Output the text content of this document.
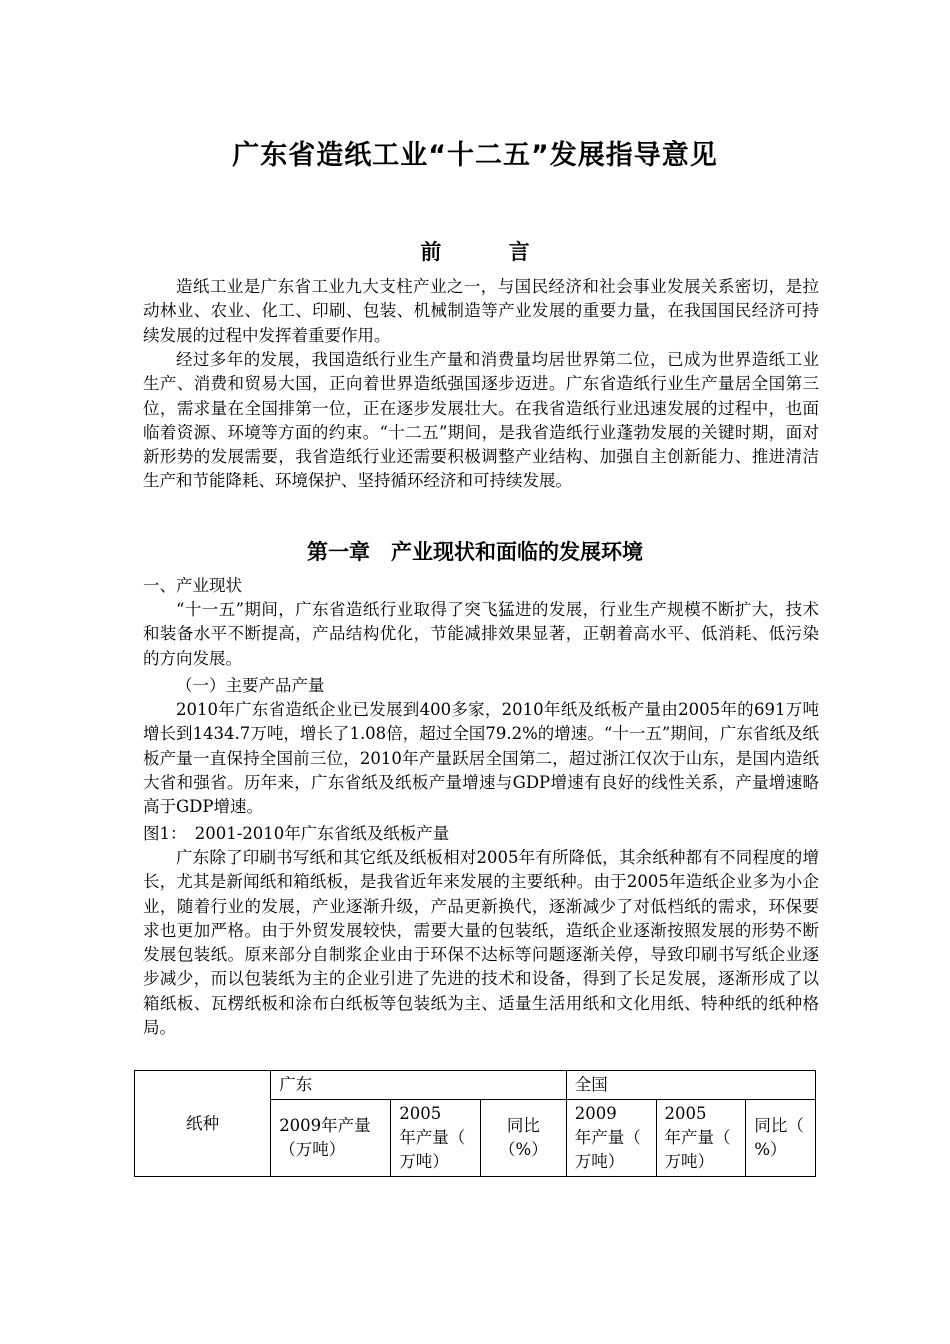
广东省造纸工业“十二五”发展指导意见
前 言
造纸工业是广东省工业九大支柱产业之一，与国民经济和社会事业发展关系密切，是拉动林业、农业、化工、印刷、包装、机械制造等产业发展的重要力量，在我国国民经济可持续发展的过程中发挥着重要作用。
经过多年的发展，我国造纸行业生产量和消费量均居世界第二位，已成为世界造纸工业生产、消费和贸易大国，正向着世界造纸强国逐步迈进。广东省造纸行业生产量居全国第三位，需求量在全国排第一位，正在逐步发展壮大。在我省造纸行业迅速发展的过程中，也面临着资源、环境等方面的约束。“十二五”期间，是我省造纸行业蓬勃发展的关键时期，面对新形势的发展需要，我省造纸行业还需要积极调整产业结构、加强自主创新能力、推进清洁生产和节能降耗、环境保护、坚持循环经济和可持续发展。
第一章　产业现状和面临的发展环境
一、产业现状
“十一五”期间，广东省造纸行业取得了突飞猛进的发展，行业生产规模不断扩大，技术和装备水平不断提高，产品结构优化，节能减排效果显著，正朝着高水平、低消耗、低污染的方向发展。
（一）主要产品产量
2010年广东省造纸企业已发展到400多家，2010年纸及纸板产量由2005年的691万吨增长到1434.7万吨，增长了1.08倍，超过全国79.2%的增速。“十一五”期间，广东省纸及纸板产量一直保持全国前三位，2010年产量跃居全国第二，超过浙江仅次于山东，是国内造纸大省和强省。历年来，广东省纸及纸板产量增速与GDP增速有良好的线性关系，产量增速略高于GDP增速。
图1：　2001-2010年广东省纸及纸板产量
广东除了印刷书写纸和其它纸及纸板相对2005年有所降低，其余纸种都有不同程度的增长，尤其是新闻纸和箱纸板，是我省近年来发展的主要纸种。由于2005年造纸企业多为小企业，随着行业的发展，产业逐渐升级，产品更新换代，逐渐减少了对低档纸的需求，环保要求也更加严格。由于外贸发展较快，需要大量的包装纸，造纸企业逐渐按照发展的形势不断发展包装纸。原来部分自制浆企业由于环保不达标等问题逐渐关停，导致印刷书写纸企业逐步减少，而以包装纸为主的企业引进了先进的技术和设备，得到了长足发展，逐渐形成了以箱纸板、瓦楞纸板和涂布白纸板等包装纸为主、适量生活用纸和文化用纸、特种纸的纸种格局。
纸种	广东			全国		
	2009年产量（万吨）	2005　年产量（　　万吨）	同比（%）	2009　年产量（　　万吨）	2005　年产量（　　万吨）	同比（　%）
